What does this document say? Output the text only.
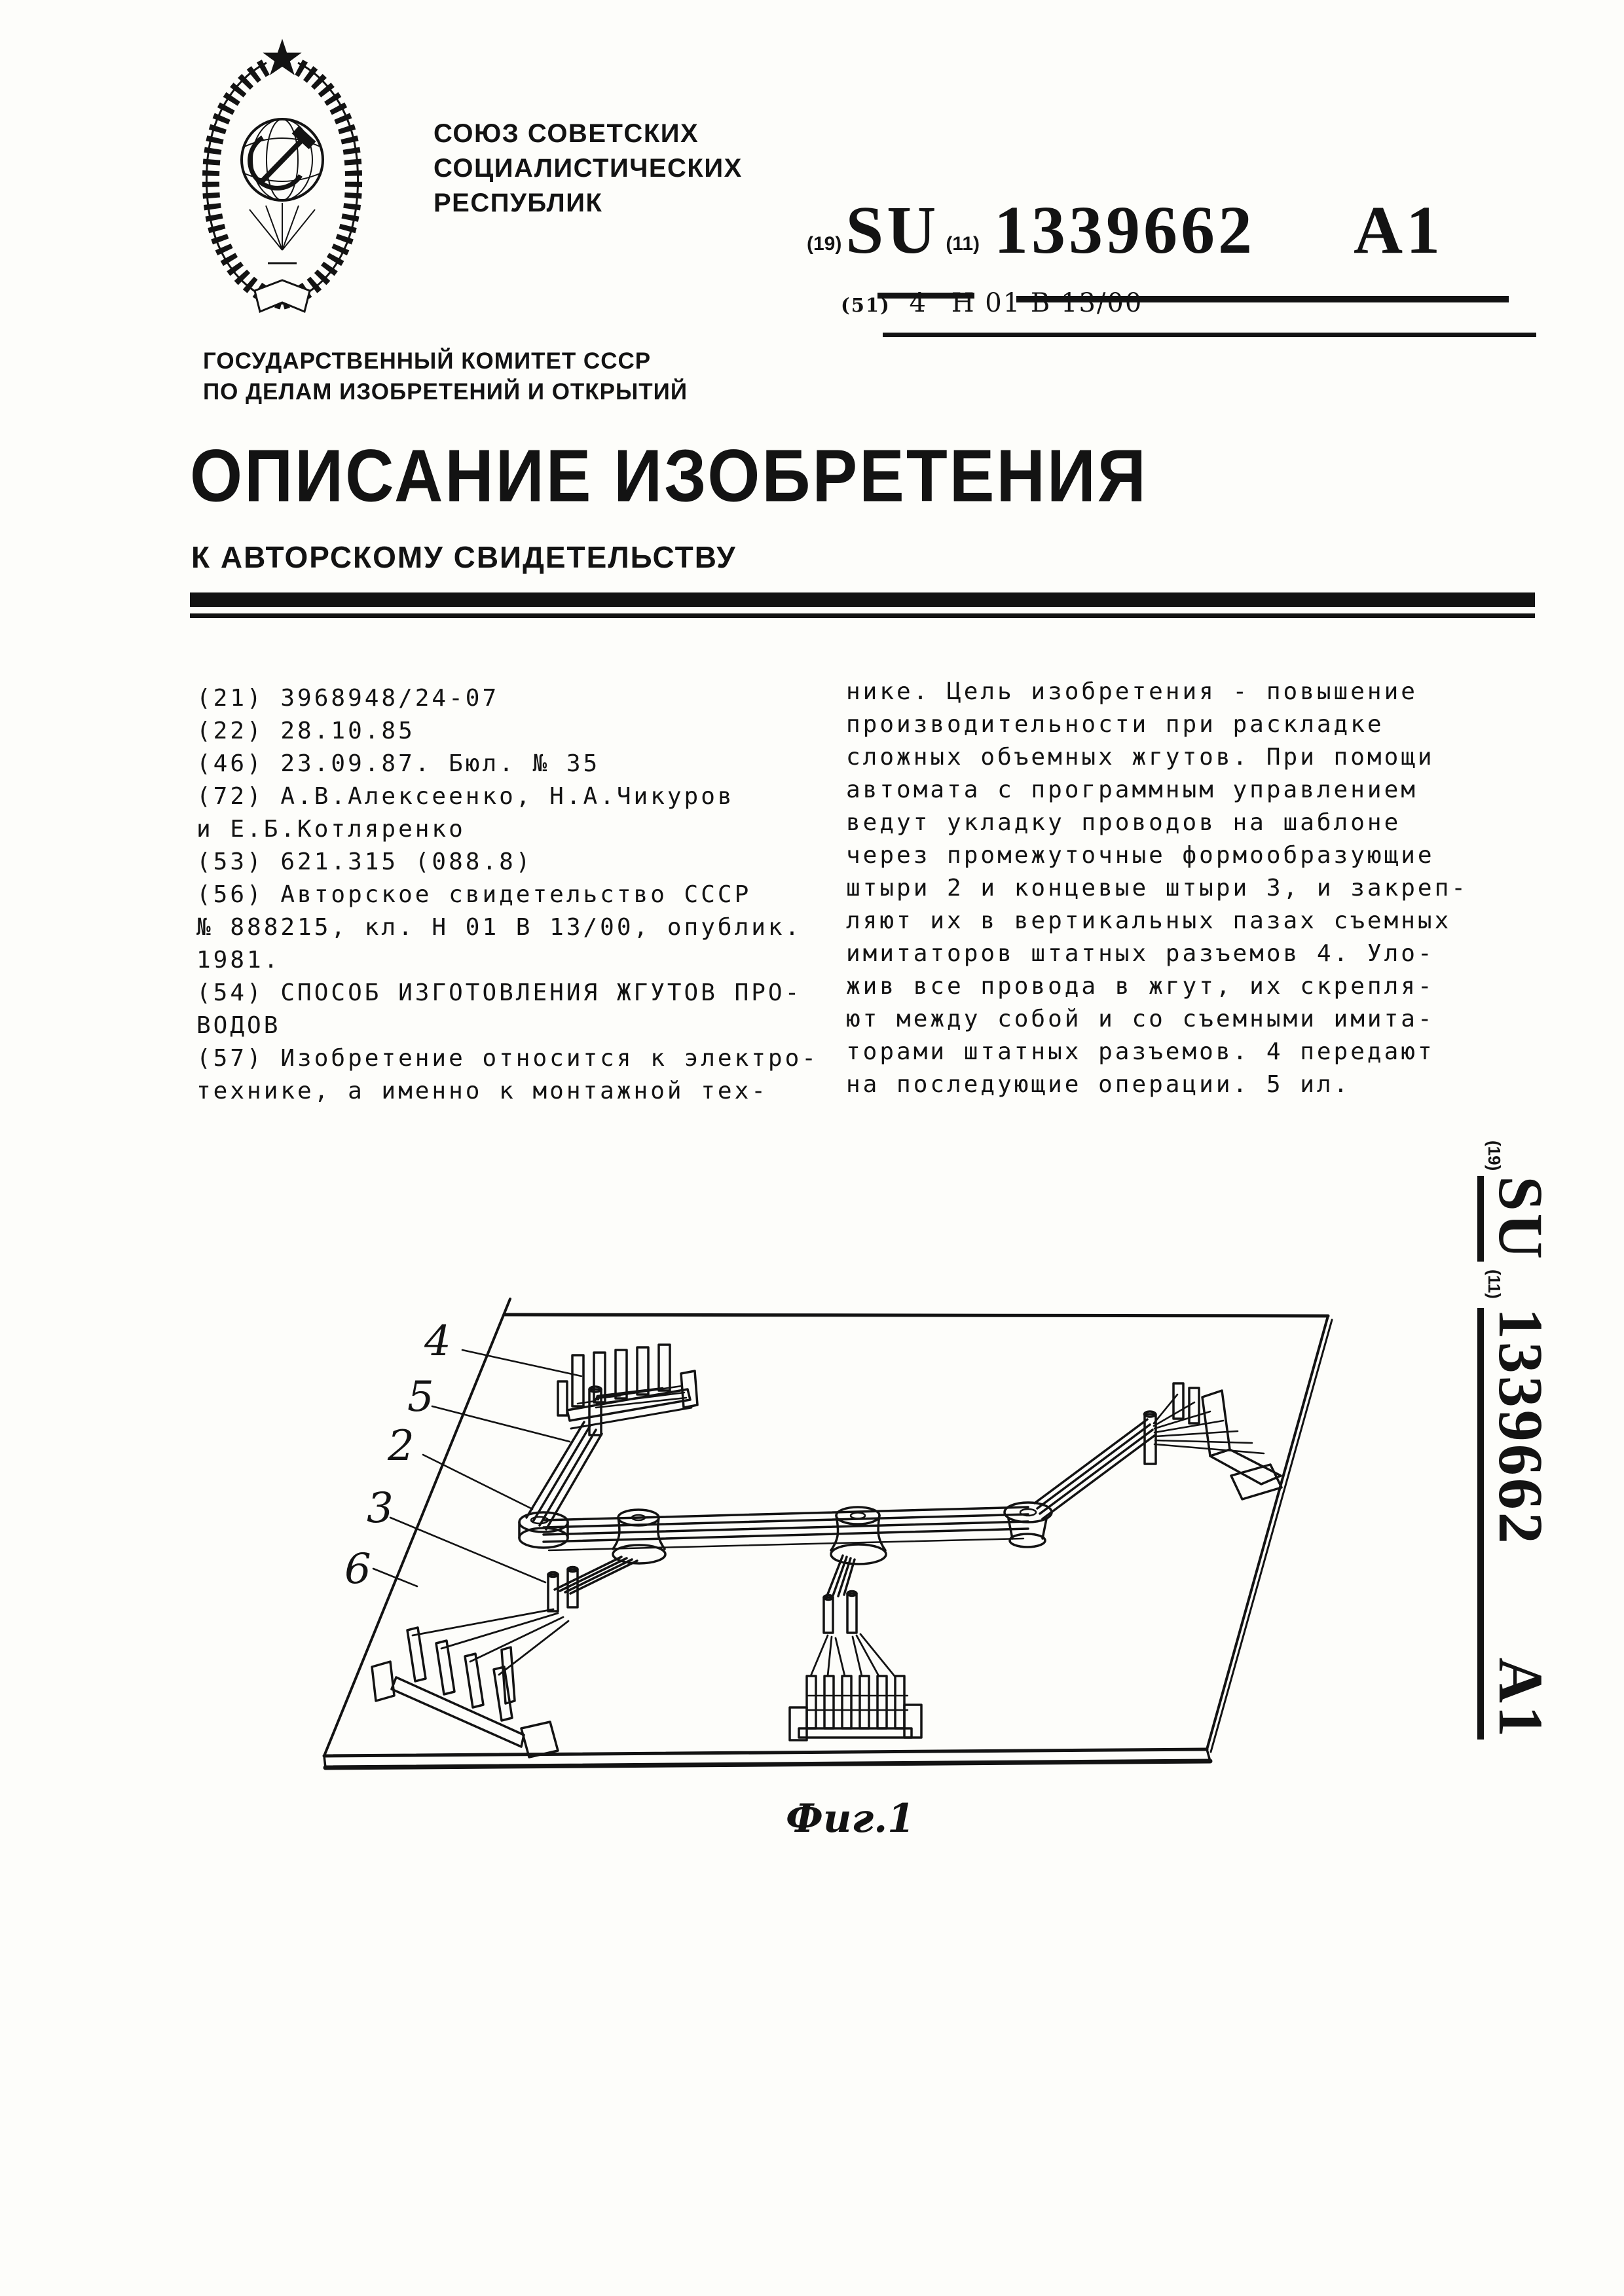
СОЮЗ СОВЕТСКИХ
СОЦИАЛИСТИЧЕСКИХ
РЕСПУБЛИК
(19) SU (11) 1339662 A1
(51) 4 Н 01 В 13/00
ГОСУДАРСТВЕННЫЙ КОМИТЕТ СССР
ПО ДЕЛАМ ИЗОБРЕТЕНИЙ И ОТКРЫТИЙ
ОПИСАНИЕ ИЗОБРЕТЕНИЯ
К АВТОРСКОМУ СВИДЕТЕЛЬСТВУ
(21) 3968948/24-07
(22) 28.10.85
(46) 23.09.87. Бюл. № 35
(72) А.В.Алексеенко, Н.А.Чикуров
и Е.Б.Котляренко
(53) 621.315 (088.8)
(56) Авторское свидетельство СССР
№ 888215, кл. Н 01 В 13/00, опублик.
1981.
(54) СПОСОБ ИЗГОТОВЛЕНИЯ ЖГУТОВ ПРО-
ВОДОВ
(57) Изобретение относится к электро-
технике, а именно к монтажной тех-
нике. Цель изобретения - повышение
производительности при раскладке
сложных объемных жгутов. При помощи
автомата с программным управлением
ведут укладку проводов на шаблоне
через промежуточные формообразующие
штыри 2 и концевые штыри 3, и закреп-
ляют их в вертикальных пазах съемных
имитаторов штатных разъемов 4. Уло-
жив все провода в жгут, их скрепля-
ют между собой и со съемными имита-
торами штатных разъемов. 4 передают
на последующие операции. 5 ил.
4
5
2
3
6
Фиг.1
(19)
SU
(11)
1339662A1
